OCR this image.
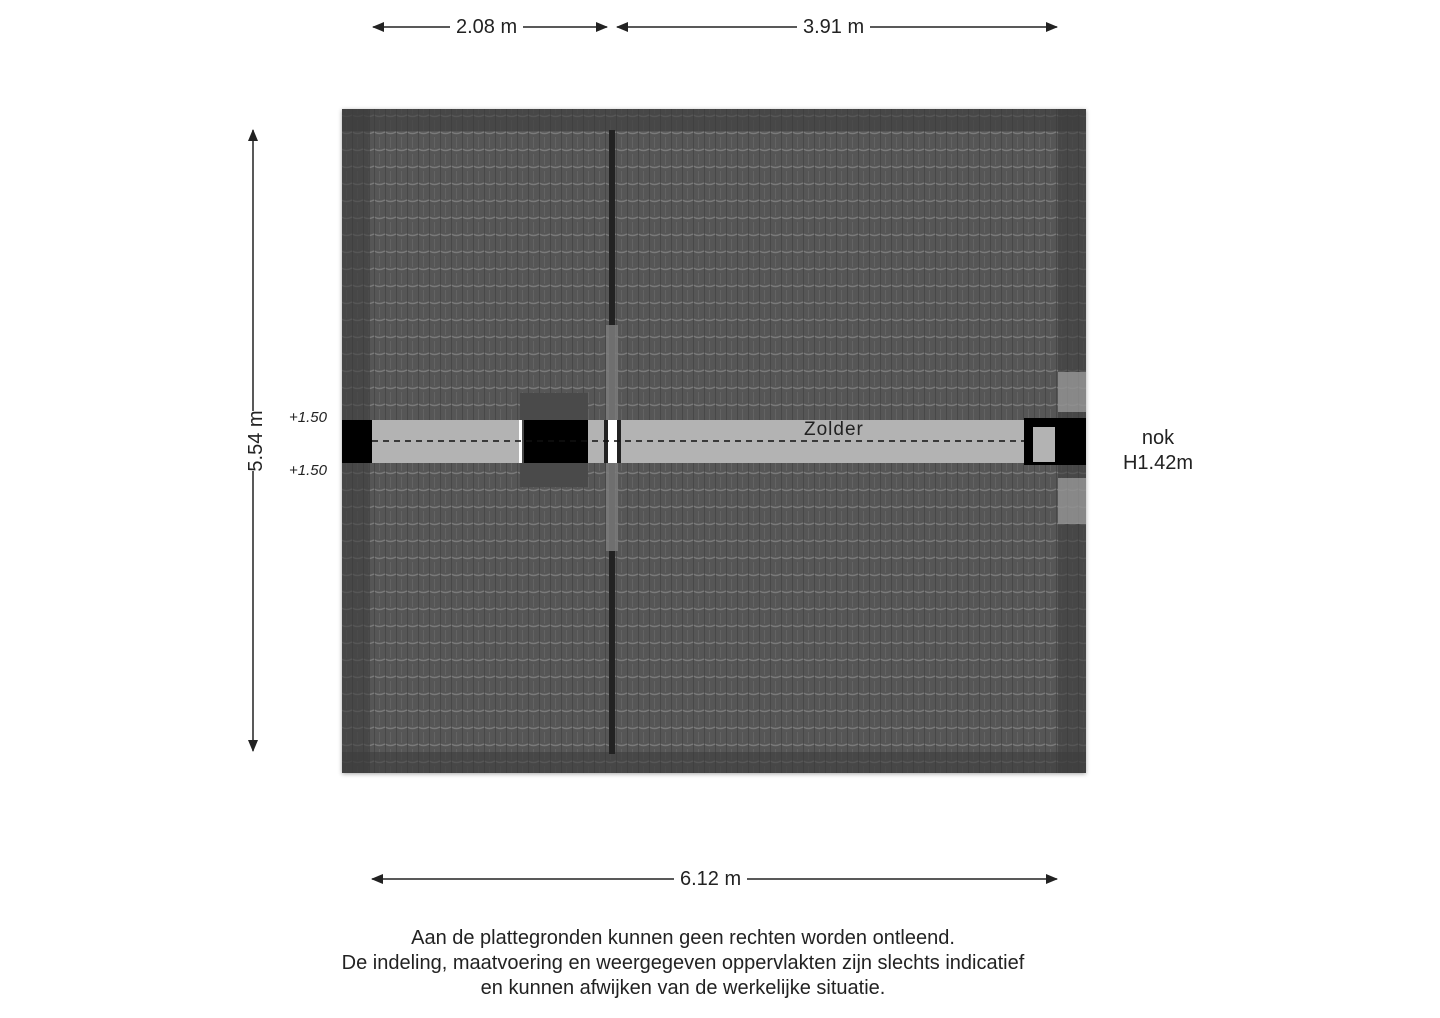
5.54 m
2.08 m	3.91 m
6.12 m
+1.50
+1.50
Zolder	nok
H1.42m
Aan de plattegronden kunnen geen rechten worden ontleend.
De indeling, maatvoering en weergegeven oppervlakten zijn slechts indicatief
en kunnen afwijken van de werkelijke situatie.
